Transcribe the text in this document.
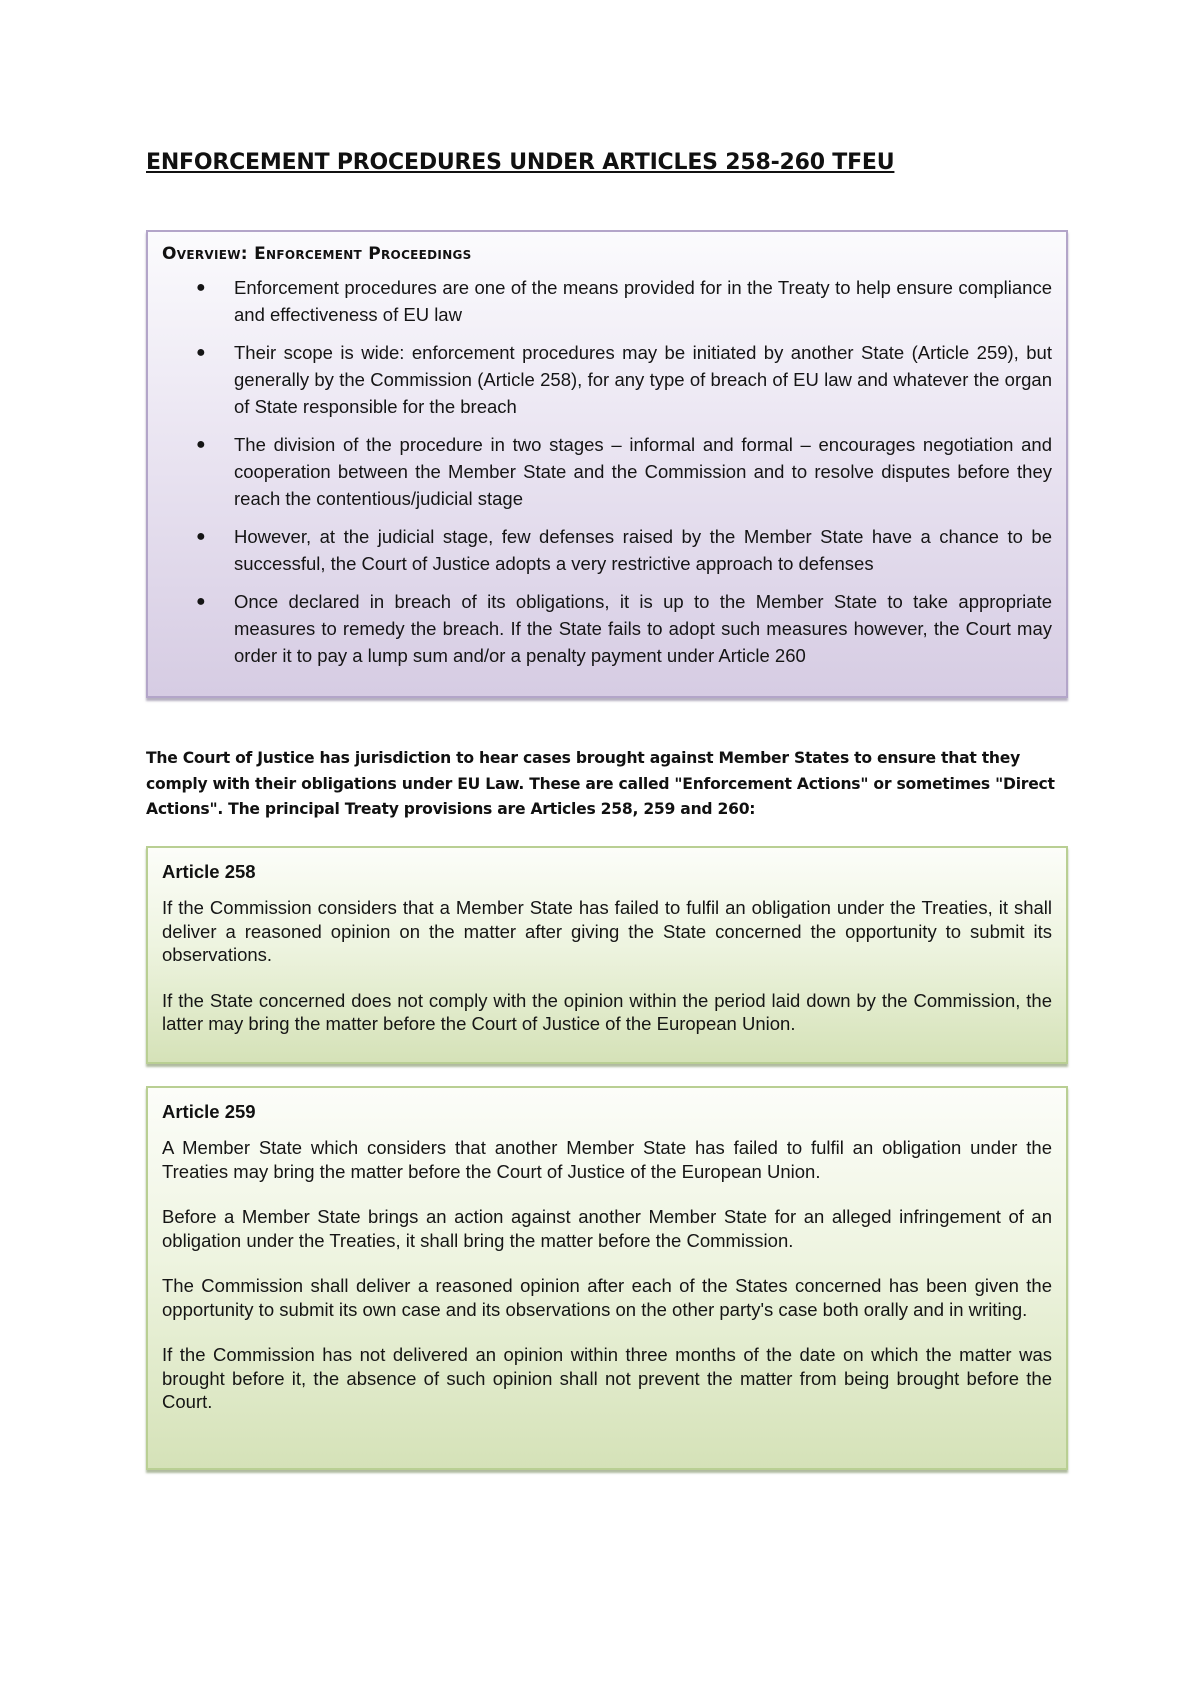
ENFORCEMENT PROCEDURES UNDER ARTICLES 258-260 TFEU
Overview: Enforcement Proceedings
● Enforcement procedures are one of the means provided for in the Treaty to help ensure compliance and effectiveness of EU law
● Their scope is wide: enforcement procedures may be initiated by another State (Article 259), but generally by the Commission (Article 258), for any type of breach of EU law and whatever the organ of State responsible for the breach
● The division of the procedure in two stages – informal and formal – encourages negotiation and cooperation between the Member State and the Commission and to resolve disputes before they reach the contentious/judicial stage
● However, at the judicial stage, few defenses raised by the Member State have a chance to be successful, the Court of Justice adopts a very restrictive approach to defenses
● Once declared in breach of its obligations, it is up to the Member State to take appropriate measures to remedy the breach. If the State fails to adopt such measures however, the Court may order it to pay a lump sum and/or a penalty payment under Article 260

The Court of Justice has jurisdiction to hear cases brought against Member States to ensure that they comply with their obligations under EU Law. These are called "Enforcement Actions" or sometimes "Direct Actions". The principal Treaty provisions are Articles 258, 259 and 260:

Article 258

If the Commission considers that a Member State has failed to fulfil an obligation under the Treaties, it shall deliver a reasoned opinion on the matter after giving the State concerned the opportunity to submit its observations.

If the State concerned does not comply with the opinion within the period laid down by the Commission, the latter may bring the matter before the Court of Justice of the European Union.

Article 259

A Member State which considers that another Member State has failed to fulfil an obligation under the Treaties may bring the matter before the Court of Justice of the European Union.

Before a Member State brings an action against another Member State for an alleged infringement of an obligation under the Treaties, it shall bring the matter before the Commission.

The Commission shall deliver a reasoned opinion after each of the States concerned has been given the opportunity to submit its own case and its observations on the other party's case both orally and in writing.

If the Commission has not delivered an opinion within three months of the date on which the matter was brought before it, the absence of such opinion shall not prevent the matter from being brought before the Court.
